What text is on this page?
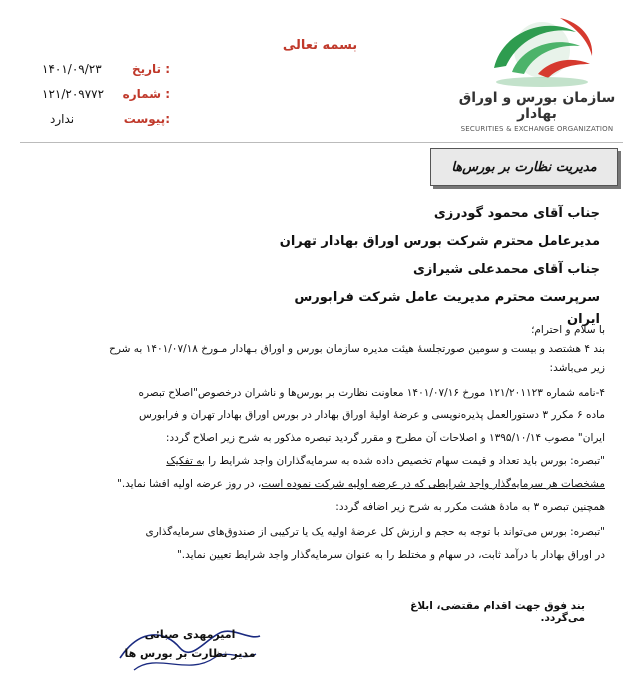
بسمه تعالی
تاریخ :
۱۴۰۱/۰۹/۲۳
شماره :
۱۲۱/۲۰۹۷۷۲
پیوست:
ندارد
سازمان بورس و اوراق بهادار
SECURITIES & EXCHANGE ORGANIZATION
مدیریت نظارت بر بورس‌ها
جناب آقای محمود گودرزی
مدیرعامل محترم شرکت بورس اوراق بهادار تهران
جناب آقای محمدعلی شیرازی
سرپرست محترم مدیریت عامل شرکت فرابورس ایران
با سلام و احترام؛
بند ۴ هشتصد و بیست و سومین صورتجلسۀ هیئت مدیره سازمان بورس و اوراق بـهادار مـورخ ۱۴۰۱/۰۷/۱۸ به شرح
زیر می‌باشد:
۴-نامه شماره ۱۲۱/۲۰۱۱۲۳ مورخ ۱۴۰۱/۰۷/۱۶ معاونت نظارت بر بورس‌ها و ناشران درخصوص"اصلاح تبصره
ماده ۶ مکرر ۳ دستورالعمل پذیره‌نویسی و عرضهٔ اولیهٔ اوراق بهادار در بورس اوراق بهادار تهران و فرابورس
ایران" مصوب ۱۳۹۵/۱۰/۱۴ و اصلاحات آن مطرح و مقرر گردید تبصره مذکور به شرح زیر اصلاح گردد:
"تبصره: بورس باید تعداد و قیمت سهام تخصیص داده شده به سرمایه‌گذاران واجد شرایط را به تفکیک
مشخصات هر سرمایه‌گذار واجد شرایطی که در عرضه اولیه شرکت نموده است، در روز عرضه اولیه افشا نماید."
همچنین تبصره ۳ به مادهٔ هشت مکرر به شرح زیر اضافه گردد:
"تبصره: بورس می‌تواند با توجه به حجم و ارزش کل عرضهٔ اولیه یک یا ترکیبی از صندوق‌های سرمایه‌گذاری
در اوراق بهادار با درآمد ثابت، در سهام و مختلط را به عنوان سرمایه‌گذار واجد شرایط تعیین نماید."
بند فوق جهت اقدام مقتضی، ابلاغ می‌گردد.
امیرمهدی صبائی
مدیر نظارت بر بورس ها
